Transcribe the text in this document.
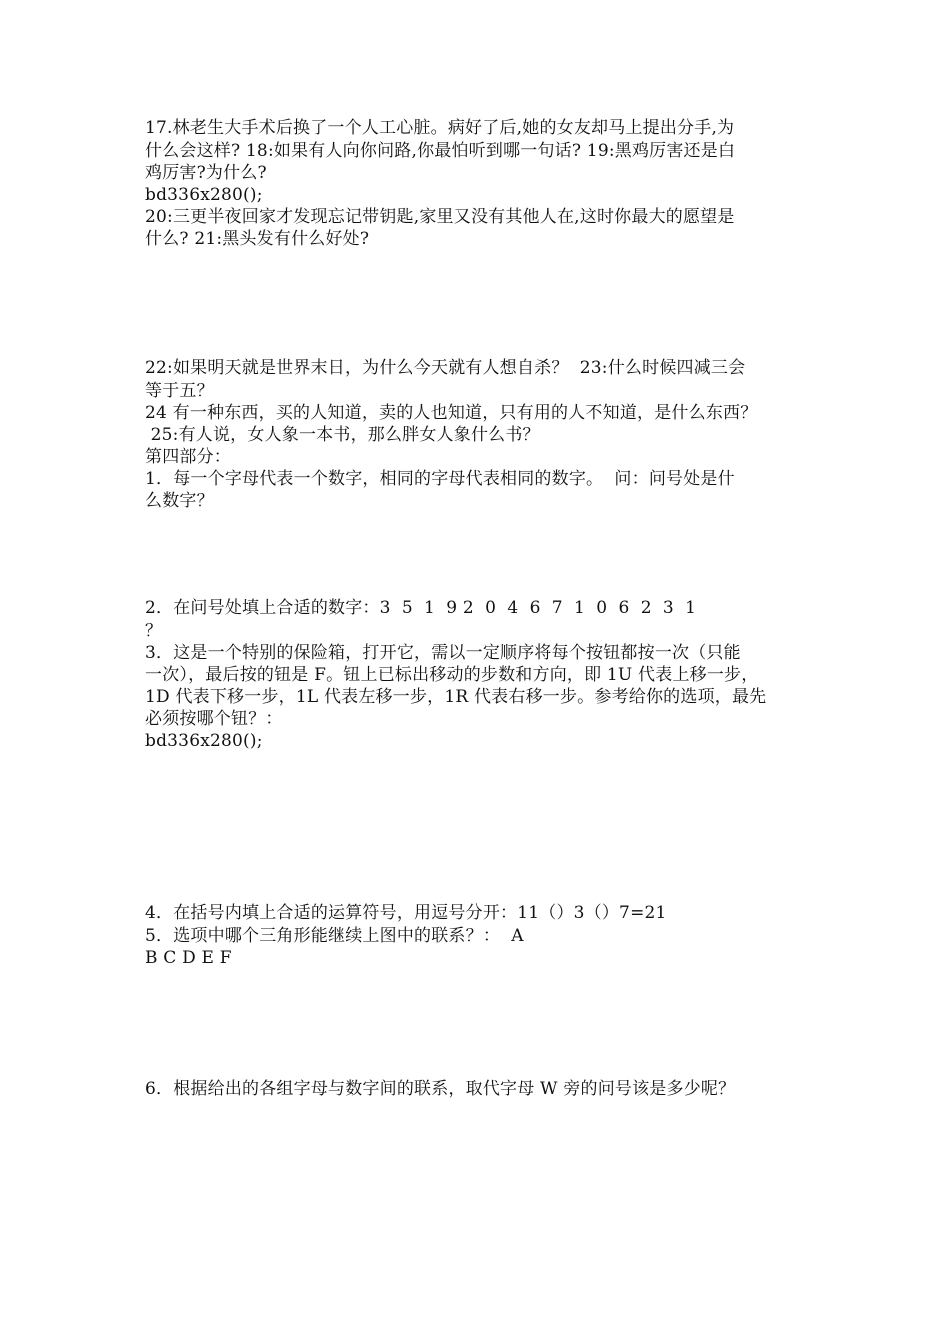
17.林老生大手术后换了一个人工心脏。病好了后,她的女友却马上提出分手,为
什么会这样? 18:如果有人向你问路,你最怕听到哪一句话? 19:黑鸡厉害还是白
鸡厉害?为什么?
bd336x280();
20:三更半夜回家才发现忘记带钥匙,家里又没有其他人在,这时你最大的愿望是
什么? 21:黑头发有什么好处?
22:如果明天就是世界末日，为什么今天就有人想自杀？  23:什么时候四减三会
等于五？
24 有一种东西，买的人知道，卖的人也知道，只有用的人不知道，是什么东西？
25:有人说，女人象一本书，那么胖女人象什么书？
第四部分：
1．每一个字母代表一个数字，相同的字母代表相同的数字。  问：问号处是什
么数字？
2．在问号处填上合适的数字：3  5  1  9 2  0  4  6  7  1  0  6  2  3  1
？
3．这是一个特别的保险箱，打开它，需以一定顺序将每个按钮都按一次（只能
一次），最后按的钮是 F。钮上已标出移动的步数和方向，即 1U 代表上移一步，
1D 代表下移一步，1L 代表左移一步，1R 代表右移一步。参考给你的选项，最先
必须按哪个钮？：
bd336x280();
4．在括号内填上合适的运算符号，用逗号分开：11（）3（）7=21
5．选项中哪个三角形能继续上图中的联系？：  A
B C D E F
6．根据给出的各组字母与数字间的联系，取代字母 W 旁的问号该是多少呢？
